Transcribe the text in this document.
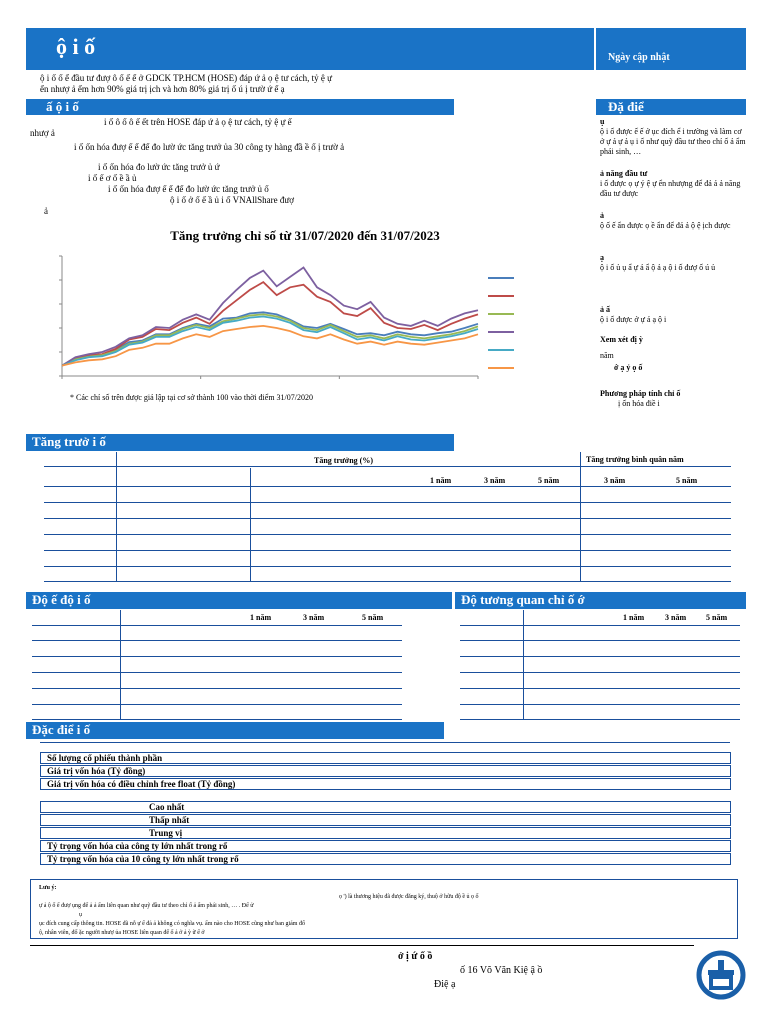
ộ i ố	Ngày cập nhật
ộ i ố ố ể đầu tư đượ ô ố ế ể ở GDCK TP.HCM (HOSE) đáp ứ ả ọ ệ tư cách, tỷ ệ ự
ển nhượ ả ểm hơn 90% giá trị ịch và hơn 80% giá trị ố ú ị trườ ứ ể ạ
ấ ộ i ố
i ố ô ố ô ế ết trên HOSE đáp ứ ả ọ ệ tư cách, tỷ ệ ự ế
nhượ ả
i ố ốn hóa đượ ế ể để đo lườ ức tăng trưở ủa 30 công ty hàng đầ ề ố ị trườ ả
i ố ốn hóa đo lườ ức tăng trưở ủ ứ
i ố ế ơ ố ề ầ ủ
i ố ốn hóa đượ ế ể để đo lườ ức tăng trưở ủ ố
ộ i ố ở ố ế ầ ủ i ố VNAllShare đượ
ả
Tăng trưởng chỉ số từ 31/07/2020 đến 31/07/2023
* Các chỉ số trên được giả lập tại cơ sở thành 100 vào thời điểm 31/07/2020
Đặ điể
ụ
ộ i ố được ế ế ở ục đích ể i trường và làm cơ ở ự ả ự ả ụ i ố như quỹ đầu tư theo chỉ ố ả ẩm phái sinh, …
ả năng đầu tư
i ố được ọ ự ý ệ ự ển nhượng để đả ả ả năng đầu tư được
ả
ộ ố ế ẩn được ọ ề ẩn để đả ả ộ ệ ịch được
ạ
ộ i ố ủ ụ ẩ ự ả ẩ ộ ả ạ ộ i ố đượ ố ú ủ
ả ấ
ộ i ố được ở ự ả ạ ộ i
Xem xét đị ỳ
năm
ớ ạ ỷ ọ ố
Phương pháp tính chỉ ố
ị ốn hóa điề i
Tăng trưở i ố
Tăng trưởng (%)	Tăng trưởng bình quân năm
1 năm	3 năm	5 năm	3 năm	5 năm
Độ ế độ i ố
1 năm	3 năm	5 năm
Độ tương quan chỉ ố ớ
1 năm	3 năm 5 năm
Đặc điể i ố
Số lượng cổ phiếu thành phần
Giá trị vốn hóa (Tỷ đồng)
Giá trị vốn hóa có điều chỉnh free float (Tỷ đồng)
Cao nhất
Thấp nhất
Trung vị
Tỷ trọng vốn hóa của công ty lớn nhất trong rổ
Tỷ trọng vốn hóa của 10 công ty lớn nhất trong rổ
Lưu ý:
ọ ') là thương hiệu đã được đăng ký, thuộ ở hữu độ ề ủ ọ ố
ự ả ộ ố ể đượ ụng để ả ả ẩm liên quan như quỹ đầu tư theo chỉ ố ả ẩm phái sinh, … . Để ử
ụ
ục đích cung cấp thông tin. HOSE đã nỗ ự ể đả ả không có nghĩa vụ. ẩm nào cho HOSE cũng như ban giám đố
ộ, nhân viên, đố ặc người nhượ ủa HOSE liên quan đế ố ả ở ả ỳ ữ ể ở
ở ị ứ ố ồ
ố 16 Võ Văn Kiệ ậ ồ
Điệ ạ
